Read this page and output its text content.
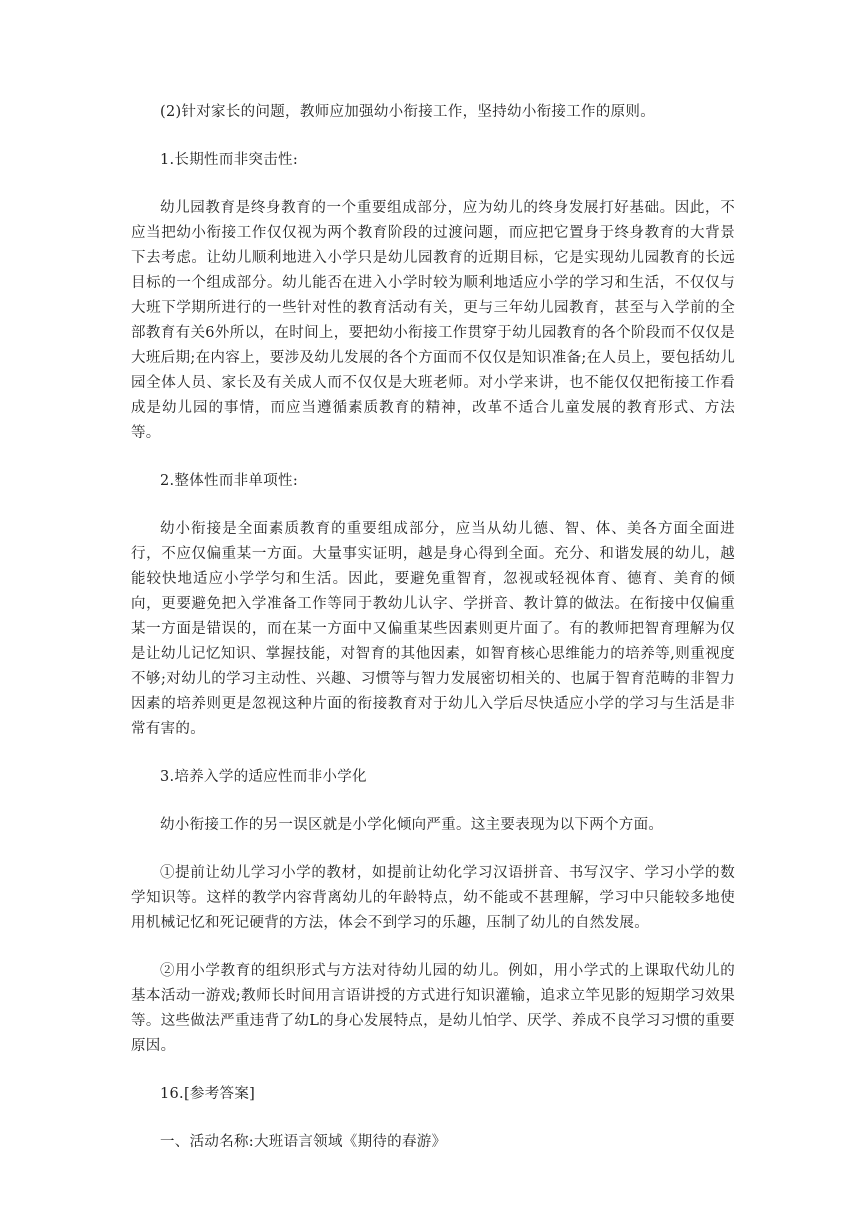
(2)针对家长的问题，教师应加强幼小衔接工作，坚持幼小衔接工作的原则。

1.长期性而非突击性:

幼儿园教育是终身教育的一个重要组成部分，应为幼儿的终身发展打好基础。因此，不应当把幼小衔接工作仅仅视为两个教育阶段的过渡问题，而应把它置身于终身教育的大背景下去考虑。让幼儿顺利地进入小学只是幼儿园教育的近期目标，它是实现幼儿园教育的长远目标的一个组成部分。幼儿能否在进入小学时较为顺利地适应小学的学习和生活，不仅仅与大班下学期所进行的一些针对性的教育活动有关，更与三年幼儿园教育，甚至与入学前的全部教育有关6外所以，在时间上，要把幼小衔接工作贯穿于幼儿园教育的各个阶段而不仅仅是大班后期;在内容上，要涉及幼儿发展的各个方面而不仅仅是知识准备;在人员上，要包括幼儿园全体人员、家长及有关成人而不仅仅是大班老师。对小学来讲，也不能仅仅把衔接工作看成是幼儿园的事情，而应当遵循素质教育的精神，改革不适合儿童发展的教育形式、方法等。

2.整体性而非单项性:

幼小衔接是全面素质教育的重要组成部分，应当从幼儿德、智、体、美各方面全面进行，不应仅偏重某一方面。大量事实证明，越是身心得到全面。充分、和谐发展的幼儿，越能较快地适应小学学匀和生活。因此，要避免重智育，忽视或轻视体育、德育、美育的倾向，更要避免把入学准备工作等同于教幼儿认字、学拼音、教计算的做法。在衔接中仅偏重某一方面是错误的，而在某一方面中又偏重某些因素则更片面了。有的教师把智育理解为仅是让幼儿记忆知识、掌握技能，对智育的其他因素，如智育核心思维能力的培养等,则重视度不够;对幼儿的学习主动性、兴趣、习惯等与智力发展密切相关的、也属于智育范畴的非智力因素的培养则更是忽视这种片面的衔接教育对于幼儿入学后尽快适应小学的学习与生活是非常有害的。

3.培养入学的适应性而非小学化

幼小衔接工作的另一误区就是小学化倾向严重。这主要表现为以下两个方面。

①提前让幼儿学习小学的教材，如提前让幼化学习汉语拼音、书写汉字、学习小学的数学知识等。这样的教学内容背离幼儿的年龄特点，幼不能或不甚理解，学习中只能较多地使用机械记忆和死记硬背的方法，体会不到学习的乐趣，压制了幼儿的自然发展。

②用小学教育的组织形式与方法对待幼儿园的幼儿。例如，用小学式的上课取代幼儿的基本活动一游戏;教师长时间用言语讲授的方式进行知识灌输，追求立竿见影的短期学习效果等。这些做法严重违背了幼L的身心发展特点，是幼儿怕学、厌学、养成不良学习习惯的重要原因。

16.[参考答案]

一、活动名称:大班语言领域《期待的春游》
